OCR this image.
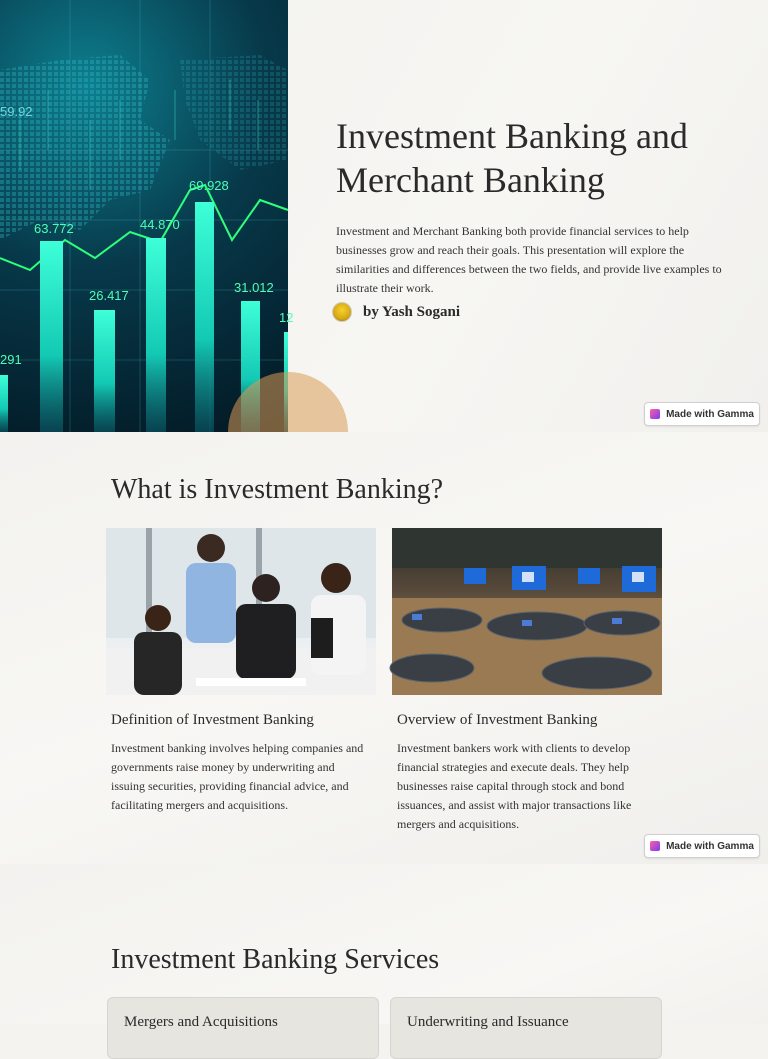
63.772	44.870
69.928
26.417
31.012
59.92
291
12
Investment Banking and Merchant Banking

Investment and Merchant Banking both provide financial services to help businesses grow and reach their goals. This presentation will explore the similarities and differences between the two fields, and provide live examples to illustrate their work.

by Yash Sogani
Made with Gamma
What is Investment Banking?
Definition of Investment Banking

Investment banking involves helping companies and governments raise money by underwriting and issuing securities, providing financial advice, and facilitating mergers and acquisitions.

Overview of Investment Banking

Investment bankers work with clients to develop financial strategies and execute deals. They help businesses raise capital through stock and bond issuances, and assist with major transactions like mergers and acquisitions.

Made with Gamma
Investment Banking Services
Mergers and Acquisitions	Underwriting and Issuance
